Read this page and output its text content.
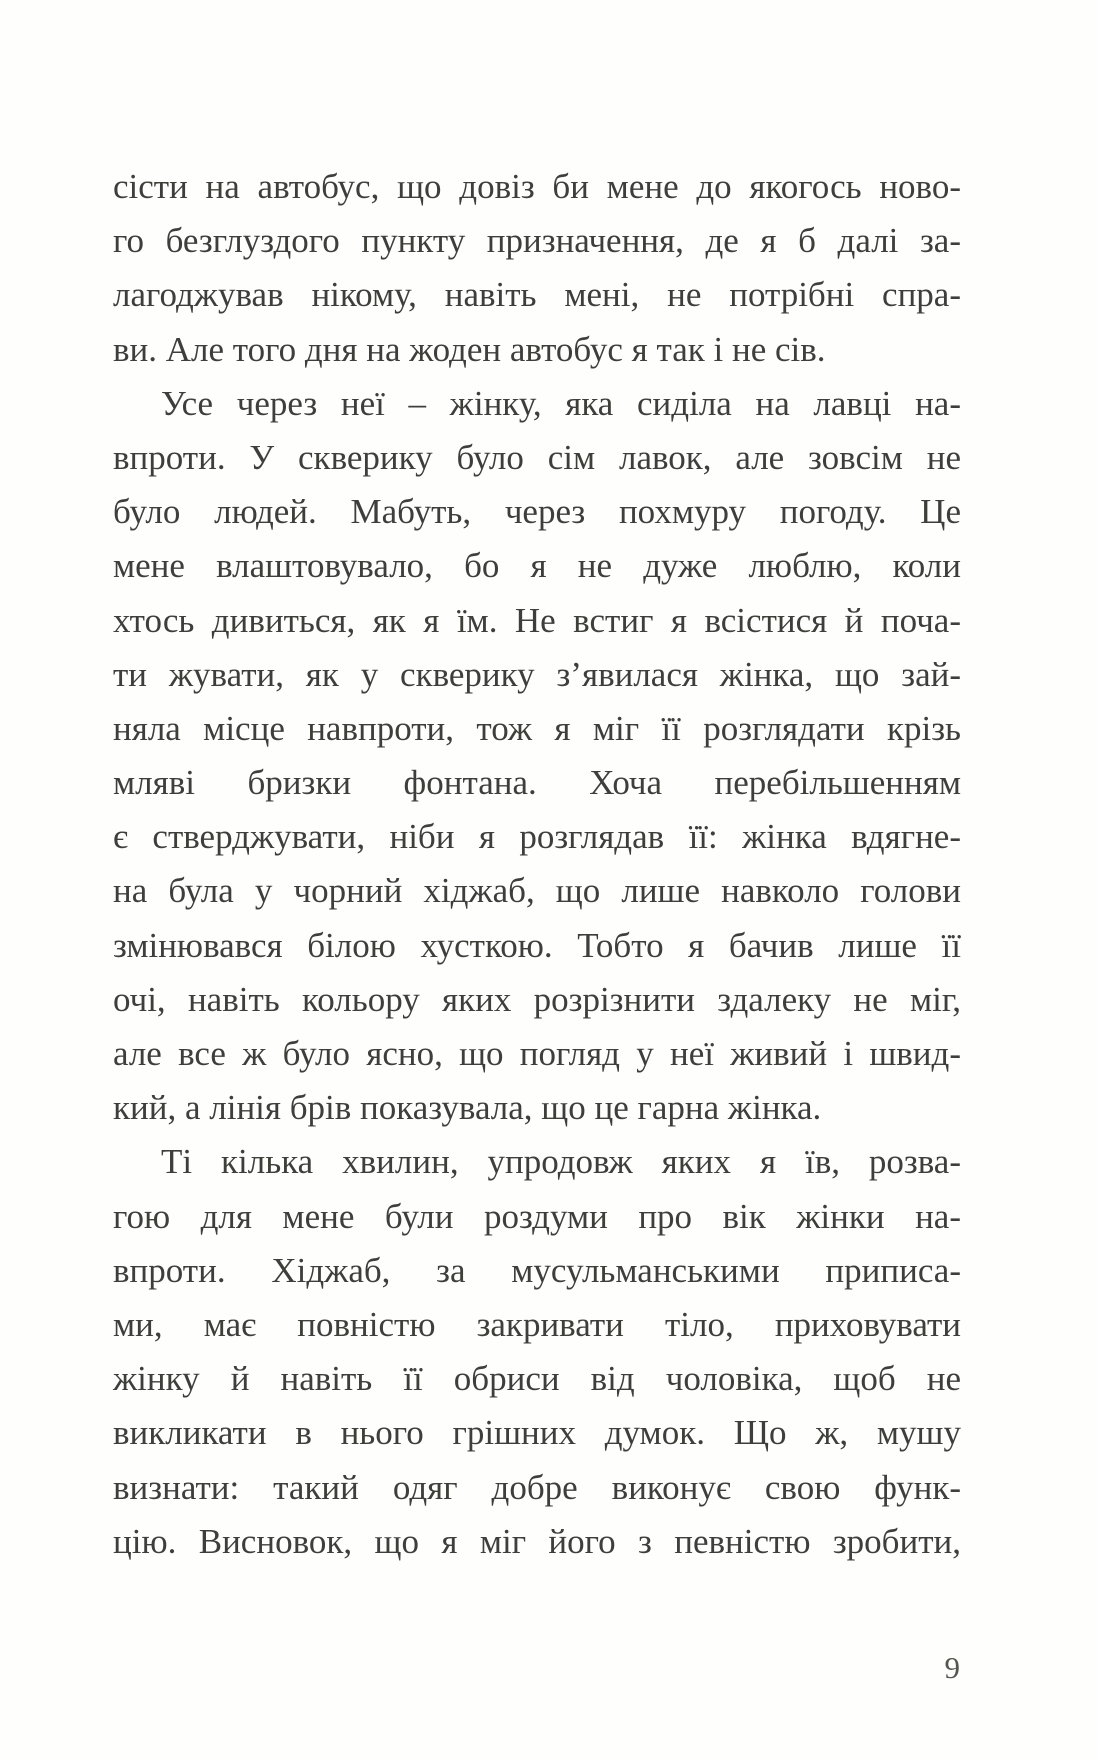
сісти на автобус, що довіз би мене до якогось ново-
го безглуздого пункту призначення, де я б далі за-
лагоджував нікому, навіть мені, не потрібні спра-
ви. Але того дня на жоден автобус я так і не сів.
Усе через неї – жінку, яка сиділа на лавці на-
впроти. У скверику було сім лавок, але зовсім не
було людей. Мабуть, через похмуру погоду. Це
мене влаштовувало, бо я не дуже люблю, коли
хтось дивиться, як я їм. Не встиг я всістися й поча-
ти жувати, як у скверику з’явилася жінка, що зай-
няла місце навпроти, тож я міг її розглядати крізь
мляві бризки фонтана. Хоча перебільшенням
є стверджувати, ніби я розглядав її: жінка вдягне-
на була у чорний хіджаб, що лише навколо голови
змінювався білою хусткою. Тобто я бачив лише її
очі, навіть кольору яких розрізнити здалеку не міг,
але все ж було ясно, що погляд у неї живий і швид-
кий, а лінія брів показувала, що це гарна жінка.
Ті кілька хвилин, упродовж яких я їв, розва-
гою для мене були роздуми про вік жінки на-
впроти. Хіджаб, за мусульманськими приписа-
ми, має повністю закривати тіло, приховувати
жінку й навіть її обриси від чоловіка, щоб не
викликати в нього грішних думок. Що ж, мушу
визнати: такий одяг добре виконує свою функ-
цію. Висновок, що я міг його з певністю зробити,
9
